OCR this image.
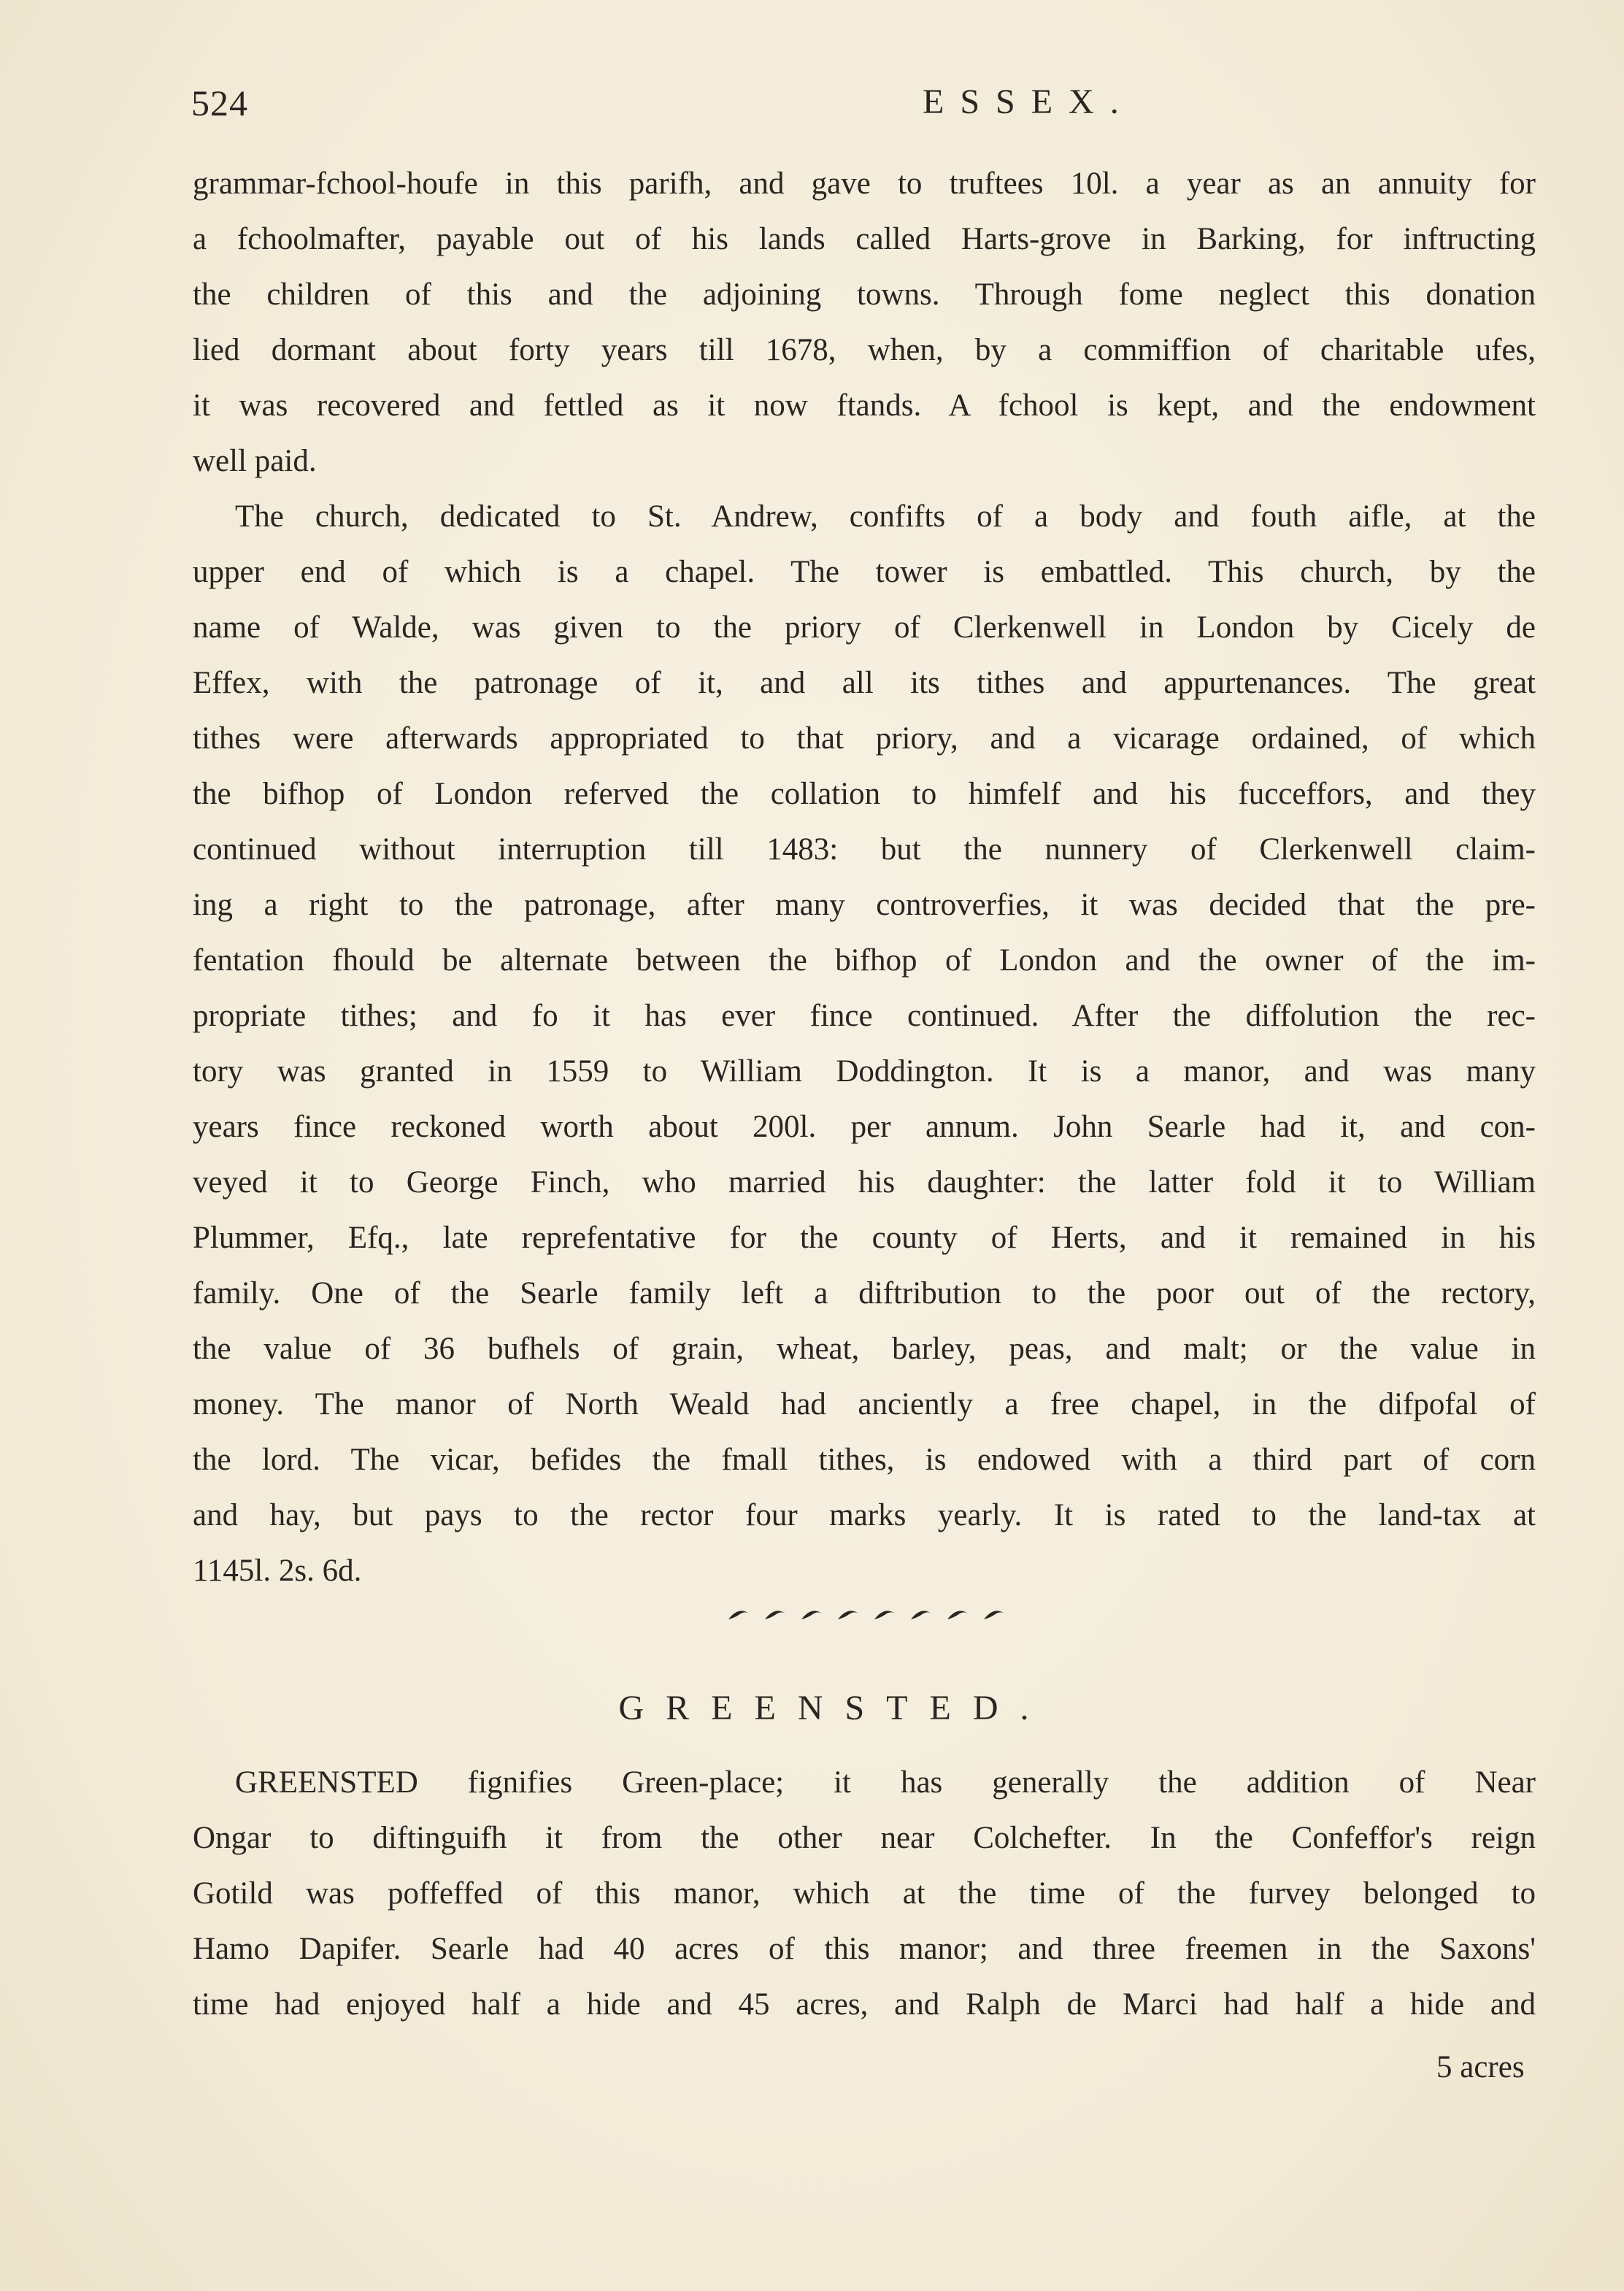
524	ESSEX.
grammar-fchool-houfe in this parifh, and gave to truftees 10l. a year as an annuity for
a fchoolmafter, payable out of his lands called Harts-grove in Barking, for inftructing
the children of this and the adjoining towns. Through fome neglect this donation
lied dormant about forty years till 1678, when, by a commiffion of charitable ufes,
it was recovered and fettled as it now ftands. A fchool is kept, and the endowment
well paid.
The church, dedicated to St. Andrew, confifts of a body and fouth aifle, at the
upper end of which is a chapel. The tower is embattled. This church, by the
name of Walde, was given to the priory of Clerkenwell in London by Cicely de
Effex, with the patronage of it, and all its tithes and appurtenances. The great
tithes were afterwards appropriated to that priory, and a vicarage ordained, of which
the bifhop of London referved the collation to himfelf and his fucceffors, and they
continued without interruption till 1483: but the nunnery of Clerkenwell claim-
ing a right to the patronage, after many controverfies, it was decided that the pre-
fentation fhould be alternate between the bifhop of London and the owner of the im-
propriate tithes; and fo it has ever fince continued. After the diffolution the rec-
tory was granted in 1559 to William Doddington. It is a manor, and was many
years fince reckoned worth about 200l. per annum. John Searle had it, and con-
veyed it to George Finch, who married his daughter: the latter fold it to William
Plummer, Efq., late reprefentative for the county of Herts, and it remained in his
family. One of the Searle family left a diftribution to the poor out of the rectory,
the value of 36 bufhels of grain, wheat, barley, peas, and malt; or the value in
money. The manor of North Weald had anciently a free chapel, in the difpofal of
the lord. The vicar, befides the fmall tithes, is endowed with a third part of corn
and hay, but pays to the rector four marks yearly. It is rated to the land-tax at
1145l. 2s. 6d.
GREENSTED.
GREENSTED fignifies Green-place; it has generally the addition of Near
Ongar to diftinguifh it from the other near Colchefter. In the Confeffor's reign
Gotild was poffeffed of this manor, which at the time of the furvey belonged to
Hamo Dapifer. Searle had 40 acres of this manor; and three freemen in the Saxons'
time had enjoyed half a hide and 45 acres, and Ralph de Marci had half a hide and
5 acres
